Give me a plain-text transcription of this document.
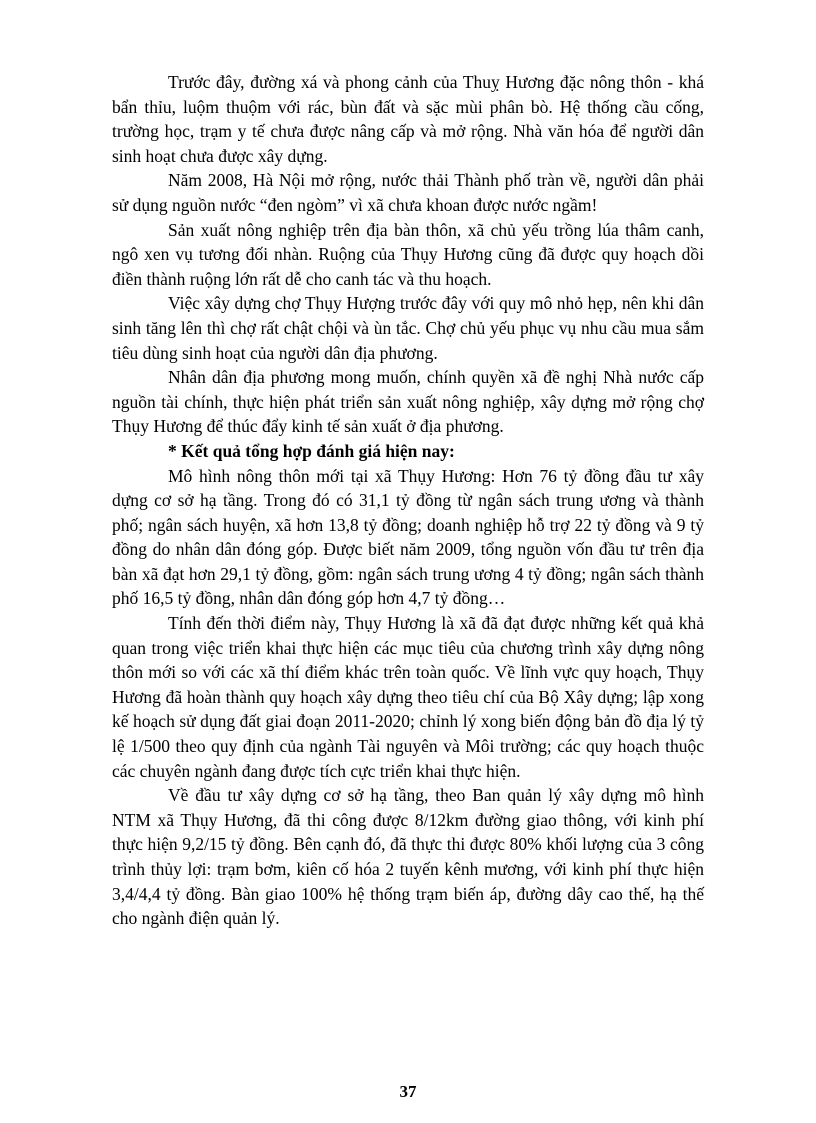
Trước đây, đường xá và phong cảnh của Thuỵ Hương đặc nông thôn - khá bẩn thỉu, luộm thuộm với rác, bùn đất và sặc mùi phân bò. Hệ thống cầu cống, trường học, trạm y tế chưa được nâng cấp và mở rộng. Nhà văn hóa để người dân sinh hoạt chưa được xây dựng.

Năm 2008, Hà Nội mở rộng, nước thải Thành phố tràn về, người dân phải sử dụng nguồn nước “đen ngòm” vì xã chưa khoan được nước ngầm!

Sản xuất nông nghiệp trên địa bàn thôn, xã chủ yếu trồng lúa thâm canh, ngô xen vụ tương đối nhàn. Ruộng của Thụy Hương cũng đã được quy hoạch dồi điền thành ruộng lớn rất dễ cho canh tác và thu hoạch.

Việc xây dựng chợ Thụy Hượng trước đây với quy mô nhỏ hẹp, nên khi dân sinh tăng lên thì chợ rất chật chội và ùn tắc. Chợ chủ yếu phục vụ nhu cầu mua sắm tiêu dùng sinh hoạt của người dân địa phương.

Nhân dân địa phương mong muốn, chính quyền xã đề nghị Nhà nước cấp nguồn tài chính, thực hiện phát triển sản xuất nông nghiệp, xây dựng mở rộng chợ Thụy Hương để thúc đẩy kinh tế sản xuất ở địa phương.

* Kết quả tổng hợp đánh giá hiện nay:

Mô hình nông thôn mới tại xã Thụy Hương: Hơn 76 tỷ đồng đầu tư xây dựng cơ sở hạ tầng. Trong đó có 31,1 tỷ đồng từ ngân sách trung ương và thành phố; ngân sách huyện, xã hơn 13,8 tỷ đồng; doanh nghiệp hỗ trợ 22 tỷ đồng và 9 tỷ đồng do nhân dân đóng góp. Được biết năm 2009, tổng nguồn vốn đầu tư trên địa bàn xã đạt hơn 29,1 tỷ đồng, gồm: ngân sách trung ương 4 tỷ đồng; ngân sách thành phố 16,5 tỷ đồng, nhân dân đóng góp hơn 4,7 tỷ đồng…

Tính đến thời điểm này, Thụy Hương là xã đã đạt được những kết quả khả quan trong việc triển khai thực hiện các mục tiêu của chương trình xây dựng nông thôn mới so với các xã thí điểm khác trên toàn quốc. Về lĩnh vực quy hoạch, Thụy Hương đã hoàn thành quy hoạch xây dựng theo tiêu chí của Bộ Xây dựng; lập xong kế hoạch sử dụng đất giai đoạn 2011-2020; chỉnh lý xong biến động bản đồ địa lý tỷ lệ 1/500 theo quy định của ngành Tài nguyên và Môi trường; các quy hoạch thuộc các chuyên ngành đang được tích cực triển khai thực hiện.

Về đầu tư xây dựng cơ sở hạ tầng, theo Ban quản lý xây dựng mô hình NTM xã Thụy Hương, đã thi công được 8/12km đường giao thông, với kinh phí thực hiện 9,2/15 tỷ đồng. Bên cạnh đó, đã thực thi được 80% khối lượng của 3 công trình thủy lợi: trạm bơm, kiên cố hóa 2 tuyến kênh mương, với kinh phí thực hiện 3,4/4,4 tỷ đồng. Bàn giao 100% hệ thống trạm biến áp, đường dây cao thế, hạ thế cho ngành điện quản lý.

37
